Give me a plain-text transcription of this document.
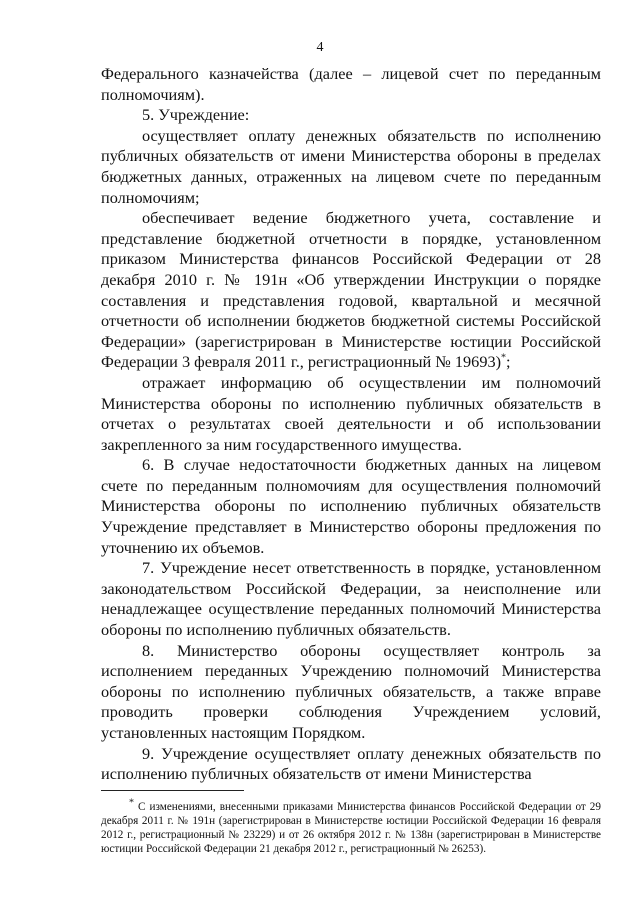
4

Федерального казначейства (далее – лицевой счет по переданным полномочиям).

5. Учреждение:

осуществляет оплату денежных обязательств по исполнению публичных обязательств от имени Министерства обороны в пределах бюджетных данных, отраженных на лицевом счете по переданным полномочиям;

обеспечивает ведение бюджетного учета, составление и представление бюджетной отчетности в порядке, установленном приказом Министерства финансов Российской Федерации от 28 декабря 2010 г. № 191н «Об утверждении Инструкции о порядке составления и представления годовой, квартальной и месячной отчетности об исполнении бюджетов бюджетной системы Российской Федерации» (зарегистрирован в Министерстве юстиции Российской Федерации 3 февраля 2011 г., регистрационный № 19693)*;

отражает информацию об осуществлении им полномочий Министерства обороны по исполнению публичных обязательств в отчетах о результатах своей деятельности и об использовании закрепленного за ним государственного имущества.

6. В случае недостаточности бюджетных данных на лицевом счете по переданным полномочиям для осуществления полномочий Министерства обороны по исполнению публичных обязательств Учреждение представляет в Министерство обороны предложения по уточнению их объемов.

7. Учреждение несет ответственность в порядке, установленном законодательством Российской Федерации, за неисполнение или ненадлежащее осуществление переданных полномочий Министерства обороны по исполнению публичных обязательств.

8. Министерство обороны осуществляет контроль за исполнением переданных Учреждению полномочий Министерства обороны по исполнению публичных обязательств, а также вправе проводить проверки соблюдения Учреждением условий, установленных настоящим Порядком.

9. Учреждение осуществляет оплату денежных обязательств по исполнению публичных обязательств от имени Министерства

* С изменениями, внесенными приказами Министерства финансов Российской Федерации от 29 декабря 2011 г. № 191н (зарегистрирован в Министерстве юстиции Российской Федерации 16 февраля 2012 г., регистрационный № 23229) и от 26 октября 2012 г. № 138н (зарегистрирован в Министерстве юстиции Российской Федерации 21 декабря 2012 г., регистрационный № 26253).
